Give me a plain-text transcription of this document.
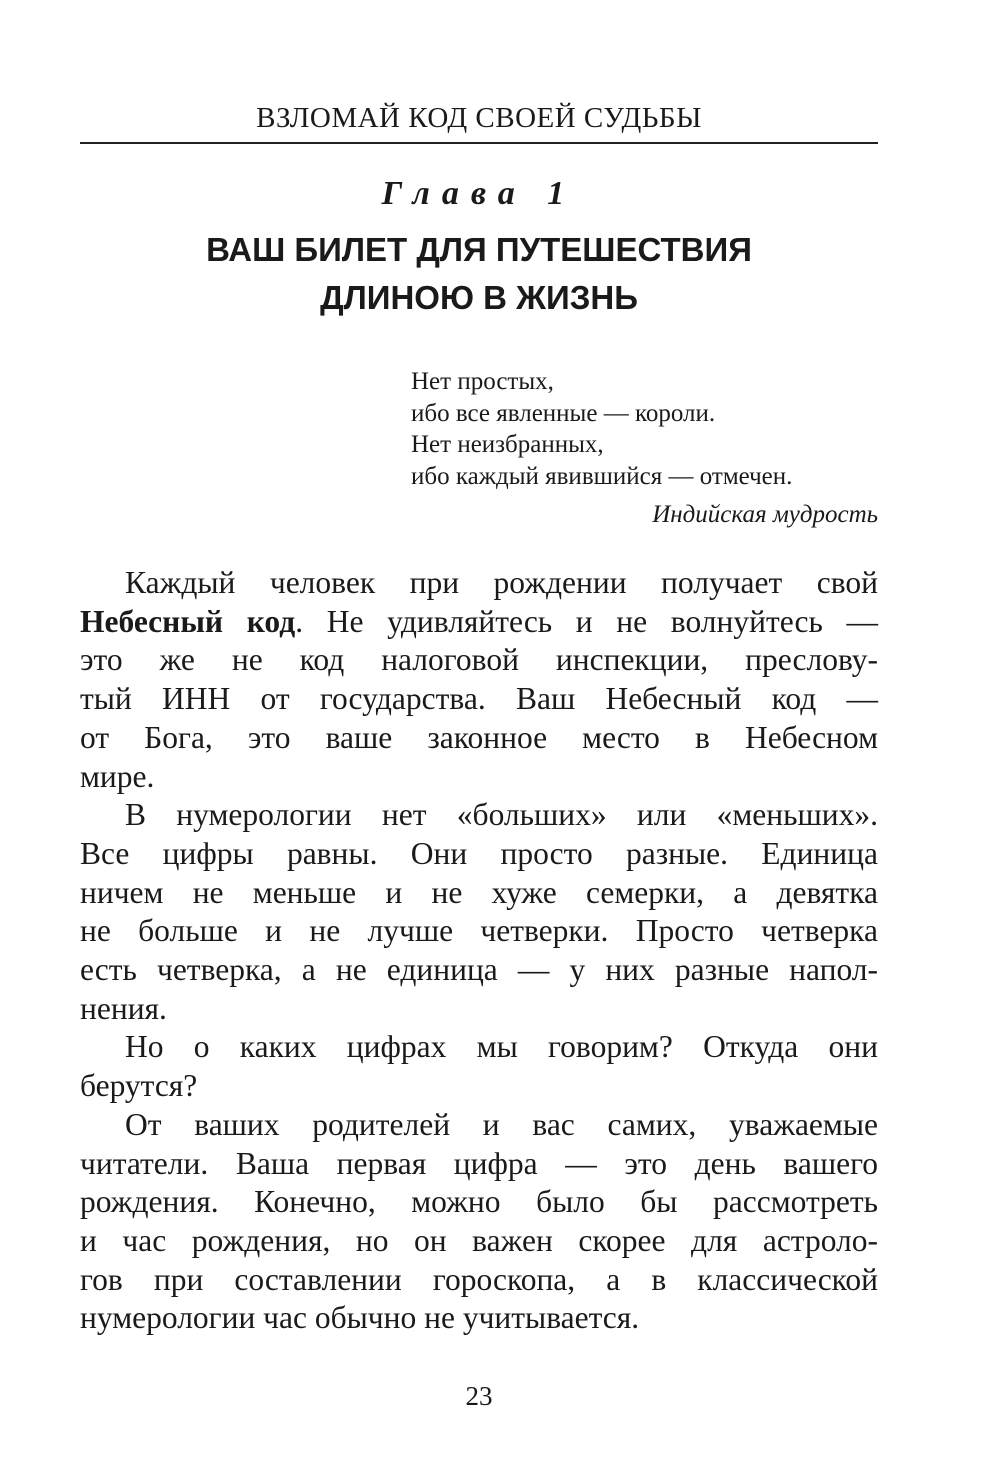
ВЗЛОМАЙ КОД СВОЕЙ СУДЬБЫ
Глава 1
ВАШ БИЛЕТ ДЛЯ ПУТЕШЕСТВИЯ
ДЛИНОЮ В ЖИЗНЬ
Нет простых,
ибо все явленные — короли.
Нет неизбранных,
ибо каждый явившийся — отмечен.
Индийская мудрость
Каждый человек при рождении получает свой
Небесный код. Не удивляйтесь и не волнуйтесь —
это же не код налоговой инспекции, преслову-
тый ИНН от государства. Ваш Небесный код —
от Бога, это ваше законное место в Небесном
мире.
В нумерологии нет «больших» или «меньших».
Все цифры равны. Они просто разные. Единица
ничем не меньше и не хуже семерки, а девятка
не больше и не лучше четверки. Просто четверка
есть четверка, а не единица — у них разные напол-
нения.
Но о каких цифрах мы говорим? Откуда они
берутся?
От ваших родителей и вас самих, уважаемые
читатели. Ваша первая цифра — это день вашего
рождения. Конечно, можно было бы рассмотреть
и час рождения, но он важен скорее для астроло-
гов при составлении гороскопа, а в классической
нумерологии час обычно не учитывается.
23
